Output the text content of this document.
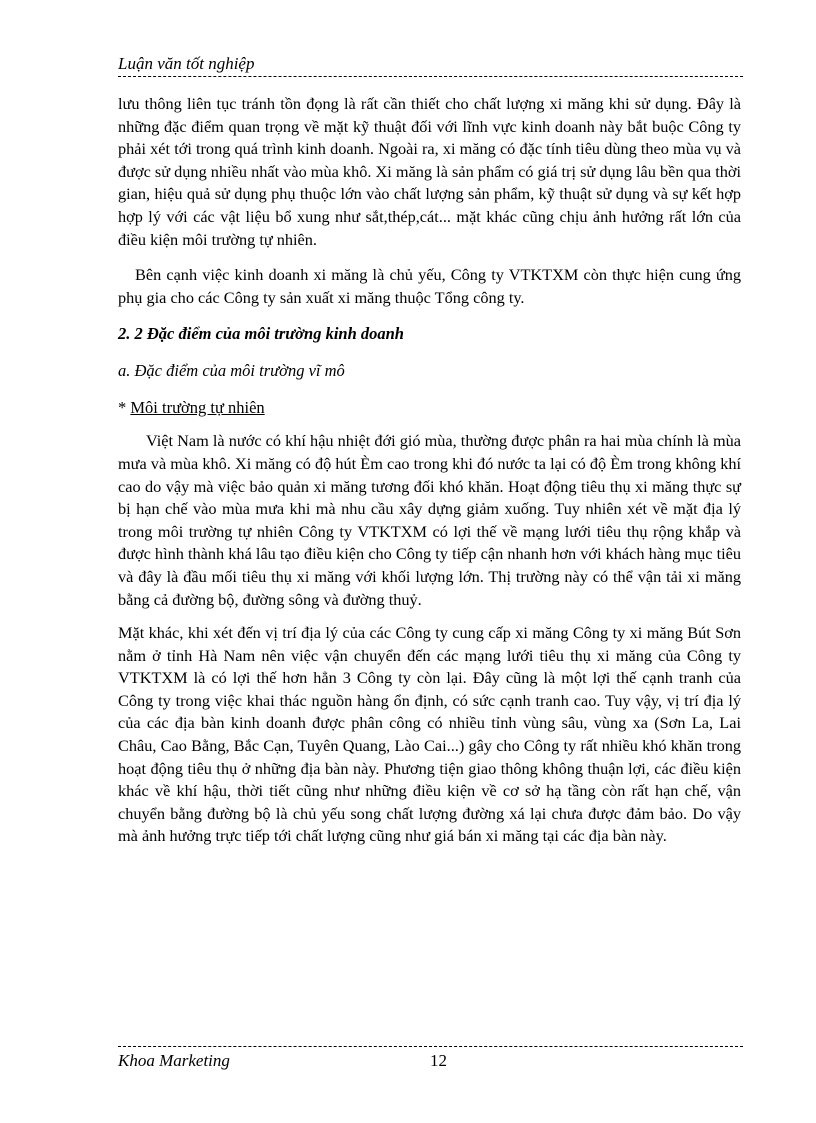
Luận văn tốt nghiệp

lưu thông liên tục tránh tồn đọng là rất cần thiết cho chất lượng xi măng khi sử dụng. Đây là những đặc điểm quan trọng về mặt kỹ thuật đối với lĩnh vực kinh doanh này bắt buộc Công ty phải xét tới trong quá trình kinh doanh. Ngoài ra, xi măng có đặc tính tiêu dùng theo mùa vụ và được sử dụng nhiều nhất vào mùa khô. Xi măng là sản phẩm có giá trị sử dụng lâu bền qua thời gian, hiệu quả sử dụng phụ thuộc lớn vào chất lượng sản phẩm, kỹ thuật sử dụng và sự kết hợp hợp lý với các vật liệu bổ xung như sắt,thép,cát... mặt khác cũng chịu ảnh hưởng rất lớn của điều kiện môi trường tự nhiên.

Bên cạnh việc kinh doanh xi măng là chủ yếu, Công ty VTKTXM còn thực hiện cung ứng phụ gia cho các Công ty sản xuất xi măng thuộc Tổng công ty.

2. 2 Đặc điểm của môi trường kinh doanh

a. Đặc điểm của môi trường vĩ mô

* Môi trường tự nhiên

Việt Nam là nước có khí hậu nhiệt đới gió mùa, thường được phân ra hai mùa chính là mùa mưa và mùa khô. Xi măng có độ hút Èm cao trong khi đó nước ta lại có độ Èm trong không khí cao do vậy mà việc bảo quản xi măng tương đối khó khăn. Hoạt động tiêu thụ xi măng thực sự bị hạn chế vào mùa mưa khi mà nhu cầu xây dựng giảm xuống. Tuy nhiên xét về mặt địa lý trong môi trường tự nhiên Công ty VTKTXM có lợi thế về mạng lưới tiêu thụ rộng khắp và được hình thành khá lâu tạo điều kiện cho Công ty tiếp cận nhanh hơn với khách hàng mục tiêu và đây là đầu mối tiêu thụ xi măng với khối lượng lớn. Thị trường này có thể vận tải xi măng bằng cả đường bộ, đường sông và đường thuỷ.

Mặt khác, khi xét đến vị trí địa lý của các Công ty cung cấp xi măng Công ty xi măng Bút Sơn nằm ở tỉnh Hà Nam nên việc vận chuyển đến các mạng lưới tiêu thụ xi măng của Công ty VTKTXM là có lợi thế hơn hẳn 3 Công ty còn lại. Đây cũng là một lợi thế cạnh tranh của Công ty trong việc khai thác nguồn hàng ổn định, có sức cạnh tranh cao. Tuy vậy, vị trí địa lý của các địa bàn kinh doanh được phân công có nhiều tỉnh vùng sâu, vùng xa (Sơn La, Lai Châu, Cao Bằng, Bắc Cạn, Tuyên Quang, Lào Cai...) gây cho Công ty rất nhiều khó khăn trong hoạt động tiêu thụ ở những địa bàn này. Phương tiện giao thông không thuận lợi, các điều kiện khác về khí hậu, thời tiết cũng như những điều kiện về cơ sở hạ tầng còn rất hạn chế, vận chuyển bằng đường bộ là chủ yếu song chất lượng đường xá lại chưa được đảm bảo. Do vậy mà ảnh hưởng trực tiếp tới chất lượng cũng như giá bán xi măng tại các địa bàn này.

Khoa Marketing	12
